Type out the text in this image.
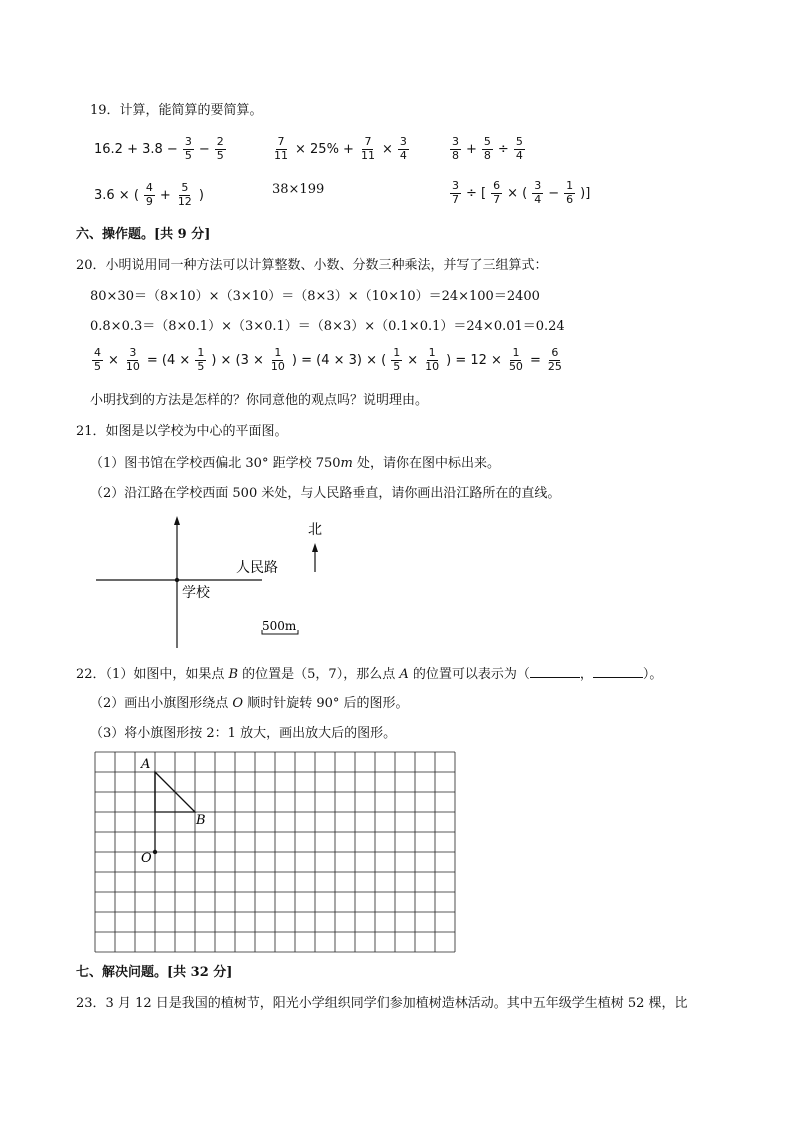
19．计算，能简算的要简算。
$16.2 + 3.8 - \frac{3}{5} - \frac{2}{5}$	$\frac{7}{11} \times 25\% + \frac{7}{11} \times \frac{3}{4}$	$\frac{3}{8} + \frac{5}{8} \div \frac{5}{4}$
3.6 × ( $\frac{4}{9} + \frac{5}{12}$ )	38×199	$\frac{3}{7}$ ÷ [ $\frac{6}{7}$ × ( $\frac{3}{4} - \frac{1}{6}$ )]
六、操作题。[共 9 分]
20．小明说用同一种方法可以计算整数、小数、分数三种乘法，并写了三组算式：
80×30＝（8×10）×（3×10）＝（8×3）×（10×10）＝24×100＝2400
0.8×0.3＝（8×0.1）×（3×0.1）＝（8×3）×（0.1×0.1）＝24×0.01＝0.24
$\frac{4}{5} \times \frac{3}{10} = (4 \times \frac{1}{5}$ ) × ($3 \times \frac{1}{10}$ ) = (4 × 3) × ( $\frac{1}{5} \times \frac{1}{10}$ ) = $12 \times \frac{1}{50} = \frac{6}{25}$
小明找到的方法是怎样的？你同意他的观点吗？说明理由。
21．如图是以学校为中心的平面图。
（1）图书馆在学校西偏北 30° 距学校 750m 处，请你在图中标出来。
（2）沿江路在学校西面 500 米处，与人民路垂直，请你画出沿江路所在的直线。
北
人民路
学校
500m
22．（1）如图中，如果点 B 的位置是（5，7），那么点 A 的位置可以表示为（	，	）。
（2）画出小旗图形绕点 O 顺时针旋转 90° 后的图形。
（3）将小旗图形按 2：1 放大，画出放大后的图形。
A
B
O
七、解决问题。[共 32 分]
23．3 月 12 日是我国的植树节，阳光小学组织同学们参加植树造林活动。其中五年级学生植树 52 棵，比
